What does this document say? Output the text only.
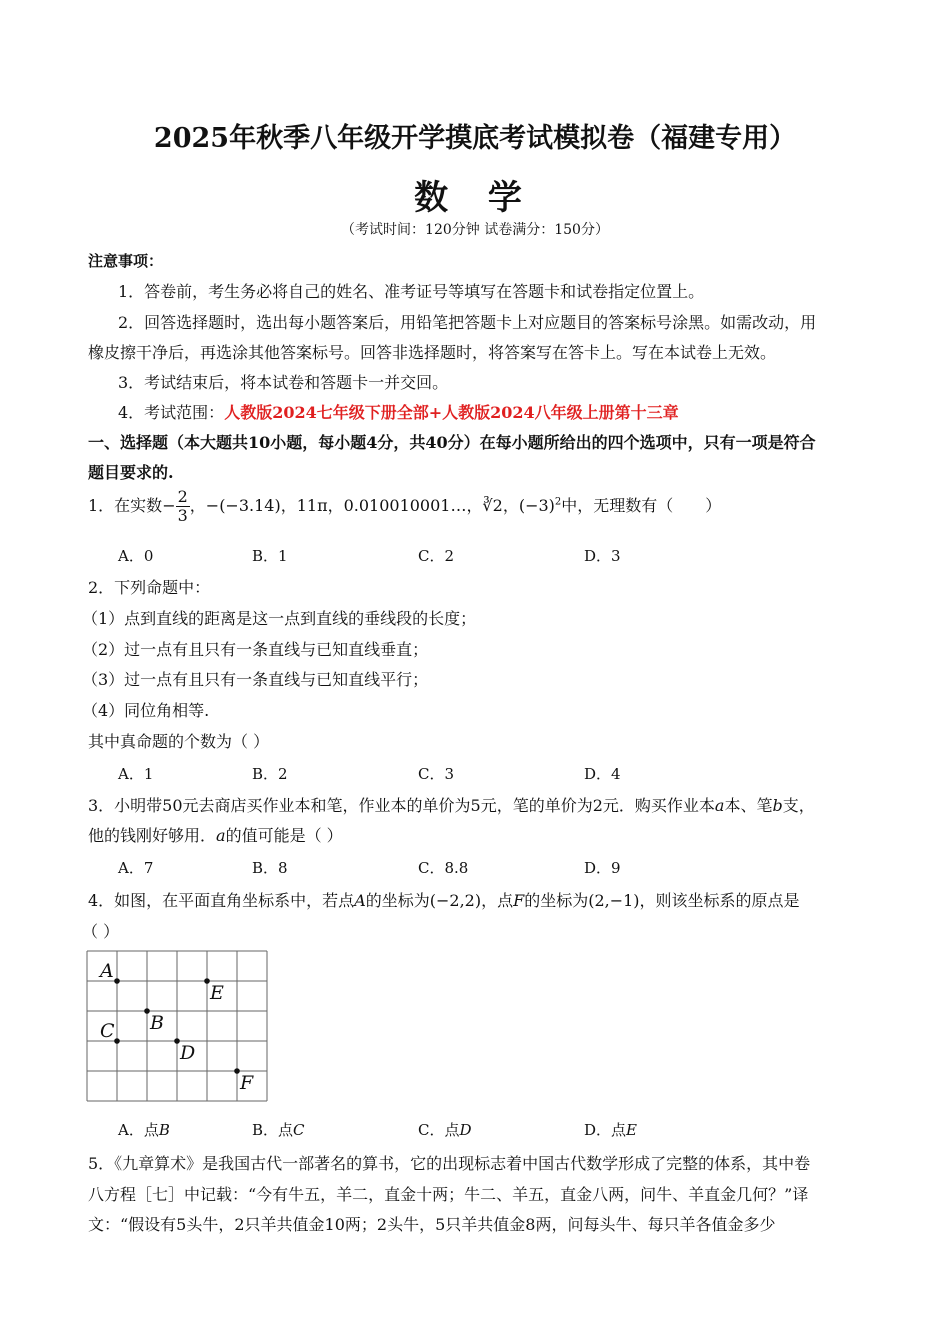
2025年秋季八年级开学摸底考试模拟卷（福建专用）
数 学
（考试时间：120分钟 试卷满分：150分）
注意事项：
1．答卷前，考生务必将自己的姓名、准考证号等填写在答题卡和试卷指定位置上。
2．回答选择题时，选出每小题答案后，用铅笔把答题卡上对应题目的答案标号涂黑。如需改动，用
橡皮擦干净后，再选涂其他答案标号。回答非选择题时，将答案写在答卡上。写在本试卷上无效。
3．考试结束后，将本试卷和答题卡一并交回。
4．考试范围：人教版2024七年级下册全部+人教版2024八年级上册第十三章
一、选择题（本大题共10小题，每小题4分，共40分）在每小题所给出的四个选项中，只有一项是符合
题目要求的.
1．在实数− $\frac{2}{3}$ ，−(−3.14)，11π，0.010010001…，∛2，$(-3)^2$中，无理数有（　　）
A．0	B．1	C．2	D．3
2．下列命题中：
（1）点到直线的距离是这一点到直线的垂线段的长度；
（2）过一点有且只有一条直线与已知直线垂直；
（3）过一点有且只有一条直线与已知直线平行；
（4）同位角相等.
其中真命题的个数为（ ）
A．1	B．2	C．3	D．4
3．小明带50元去商店买作业本和笔，作业本的单价为5元，笔的单价为2元．购买作业本a本、笔b支，
他的钱刚好够用．a的值可能是（ ）
A．7	B．8	C．8.8	D．9
4．如图，在平面直角坐标系中，若点A的坐标为(−2,2)，点F的坐标为(2,−1)，则该坐标系的原点是
（ ）
A
B
C
D
E
F
A．点B	B．点C	C．点D	D．点E
5．《九章算术》是我国古代一部著名的算书，它的出现标志着中国古代数学形成了完整的体系，其中卷
八方程［七］中记载：“今有牛五，羊二，直金十两；牛二、羊五，直金八两，问牛、羊直金几何？”译
文：“假设有5头牛，2只羊共值金10两；2头牛，5只羊共值金8两，问每头牛、每只羊各值金多少
